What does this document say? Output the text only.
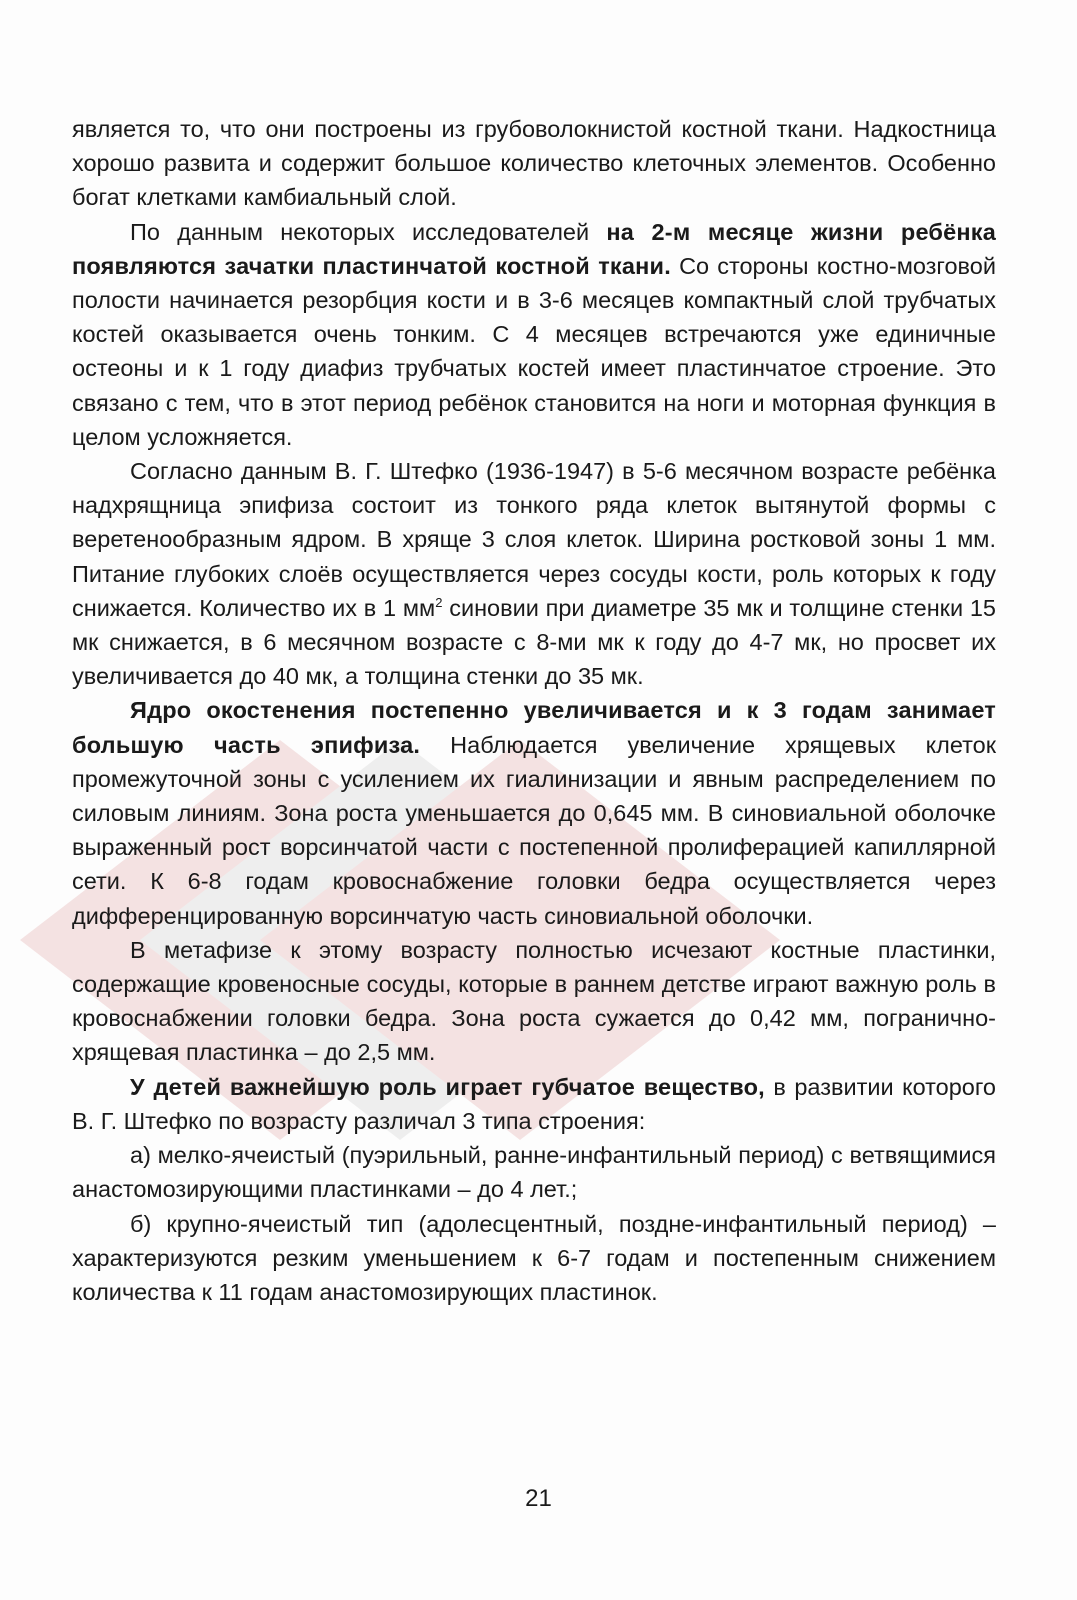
является то, что они построены из грубоволокнистой костной ткани. Надкостница хорошо развита и содержит большое количество клеточных элементов. Особенно богат клетками камбиальный слой.

По данным некоторых исследователей на 2-м месяце жизни ребёнка появляются зачатки пластинчатой костной ткани. Со стороны костно-мозговой полости начинается резорбция кости и в 3-6 месяцев компактный слой трубчатых костей оказывается очень тонким. С 4 месяцев встречаются уже единичные остеоны и к 1 году диафиз трубчатых костей имеет пластинчатое строение. Это связано с тем, что в этот период ребёнок становится на ноги и моторная функция в целом усложняется.

Согласно данным В. Г. Штефко (1936-1947) в 5-6 месячном возрасте ребёнка надхрящница эпифиза состоит из тонкого ряда клеток вытянутой формы с веретенообразным ядром. В хряще 3 слоя клеток. Ширина ростковой зоны 1 мм. Питание глубоких слоёв осуществляется через сосуды кости, роль которых к году снижается. Количество их в 1 $мм^2$ синовии при диаметре 35 мк и толщине стенки 15 мк снижается, в 6 месячном возрасте с 8-ми мк к году до 4-7 мк, но просвет их увеличивается до 40 мк, а толщина стенки до 35 мк.

Ядро окостенения постепенно увеличивается и к 3 годам занимает большую часть эпифиза. Наблюдается увеличение хрящевых клеток промежуточной зоны с усилением их гиалинизации и явным распределением по силовым линиям. Зона роста уменьшается до 0,645 мм. В синовиальной оболочке выраженный рост ворсинчатой части с постепенной пролиферацией капиллярной сети. К 6-8 годам кровоснабжение головки бедра осуществляется через дифференцированную ворсинчатую часть синовиальной оболочки.

В метафизе к этому возрасту полностью исчезают костные пластинки, содержащие кровеносные сосуды, которые в раннем детстве играют важную роль в кровоснабжении головки бедра. Зона роста сужается до 0,42 мм, погранично-хрящевая пластинка – до 2,5 мм.

У детей важнейшую роль играет губчатое вещество, в развитии которого В. Г. Штефко по возрасту различал 3 типа строения:

а) мелко-ячеистый (пуэрильный, ранне-инфантильный период) с ветвящимися анастомозирующими пластинками – до 4 лет.;

б) крупно-ячеистый тип (адолесцентный, поздне-инфантильный период) – характеризуются резким уменьшением к 6-7 годам и постепенным снижением количества к 11 годам анастомозирующих пластинок.

21
